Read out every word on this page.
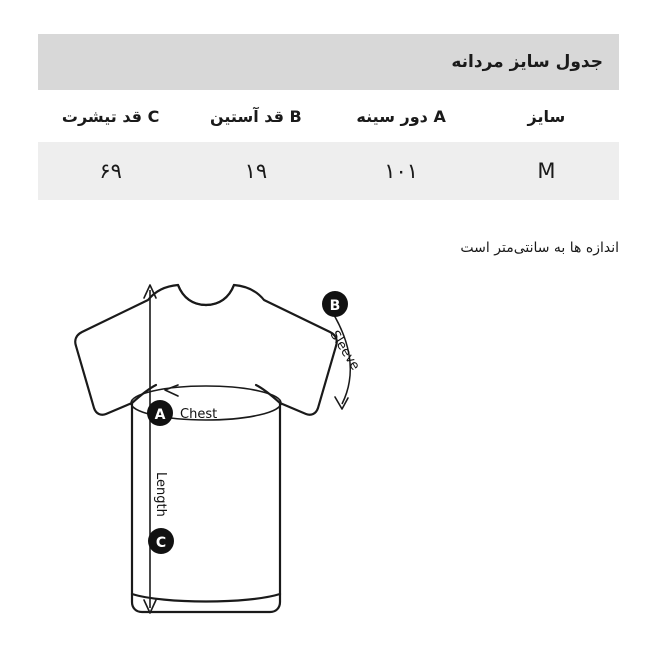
جدول سایز مردانه			
سایز	A دور سینه	B قد آستین	C قد تیشرت
M	۱۰۱	۱۹	۶۹
اندازه ها به سانتی‌متر است
A Chest
B
Sleeve
C
Length
